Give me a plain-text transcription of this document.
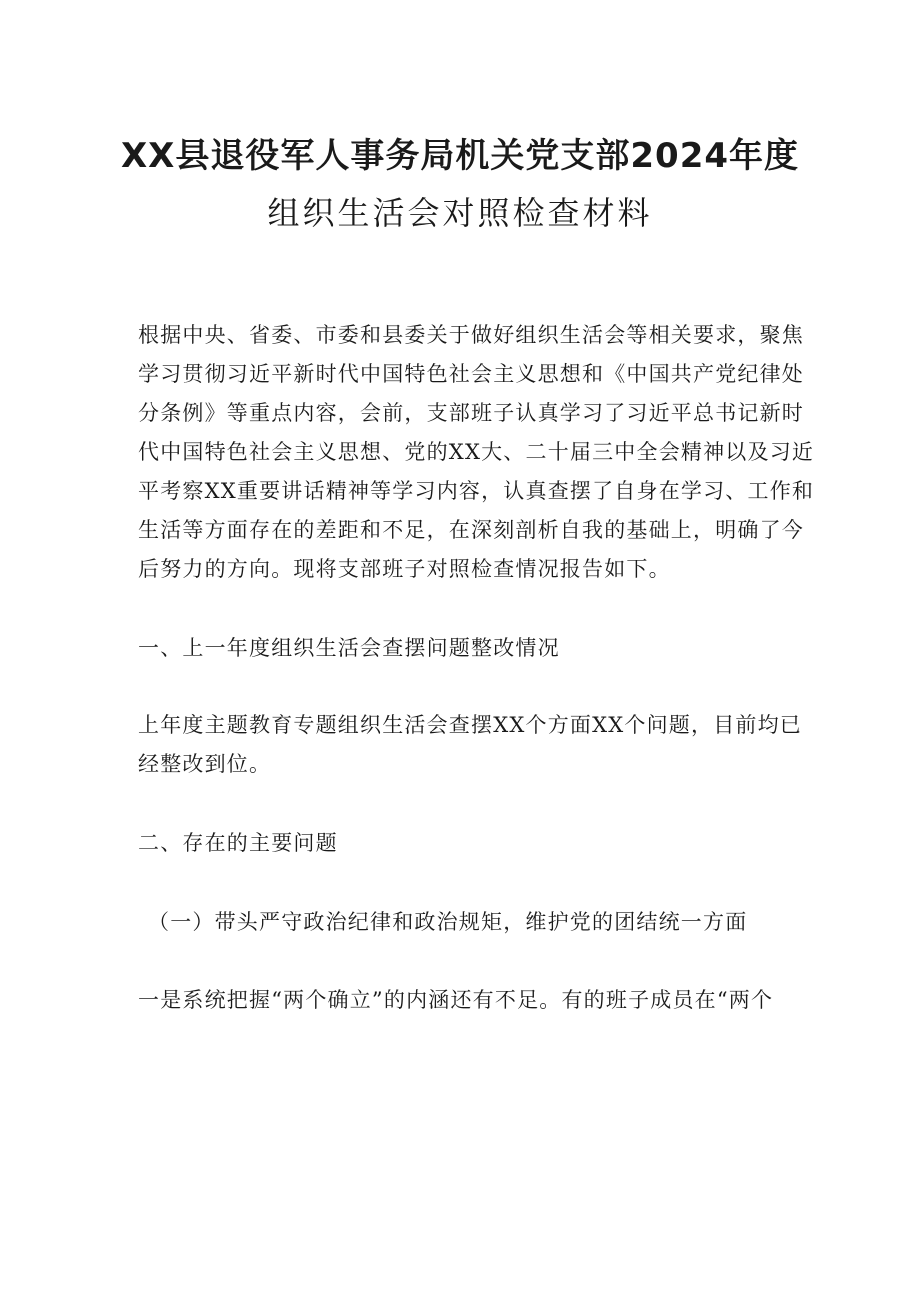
XX县退役军人事务局机关党支部2024年度
组织生活会对照检查材料
根据中央、省委、市委和县委关于做好组织生活会等相关要求，聚焦
学习贯彻习近平新时代中国特色社会主义思想和《中国共产党纪律处
分条例》等重点内容，会前，支部班子认真学习了习近平总书记新时
代中国特色社会主义思想、党的XX大、二十届三中全会精神以及习近
平考察XX重要讲话精神等学习内容，认真查摆了自身在学习、工作和
生活等方面存在的差距和不足，在深刻剖析自我的基础上，明确了今
后努力的方向。现将支部班子对照检查情况报告如下。
一、上一年度组织生活会查摆问题整改情况
上年度主题教育专题组织生活会查摆XX个方面XX个问题，目前均已
经整改到位。
二、存在的主要问题
（一）带头严守政治纪律和政治规矩，维护党的团结统一方面
一是系统把握“两个确立”的内涵还有不足。有的班子成员在“两个
